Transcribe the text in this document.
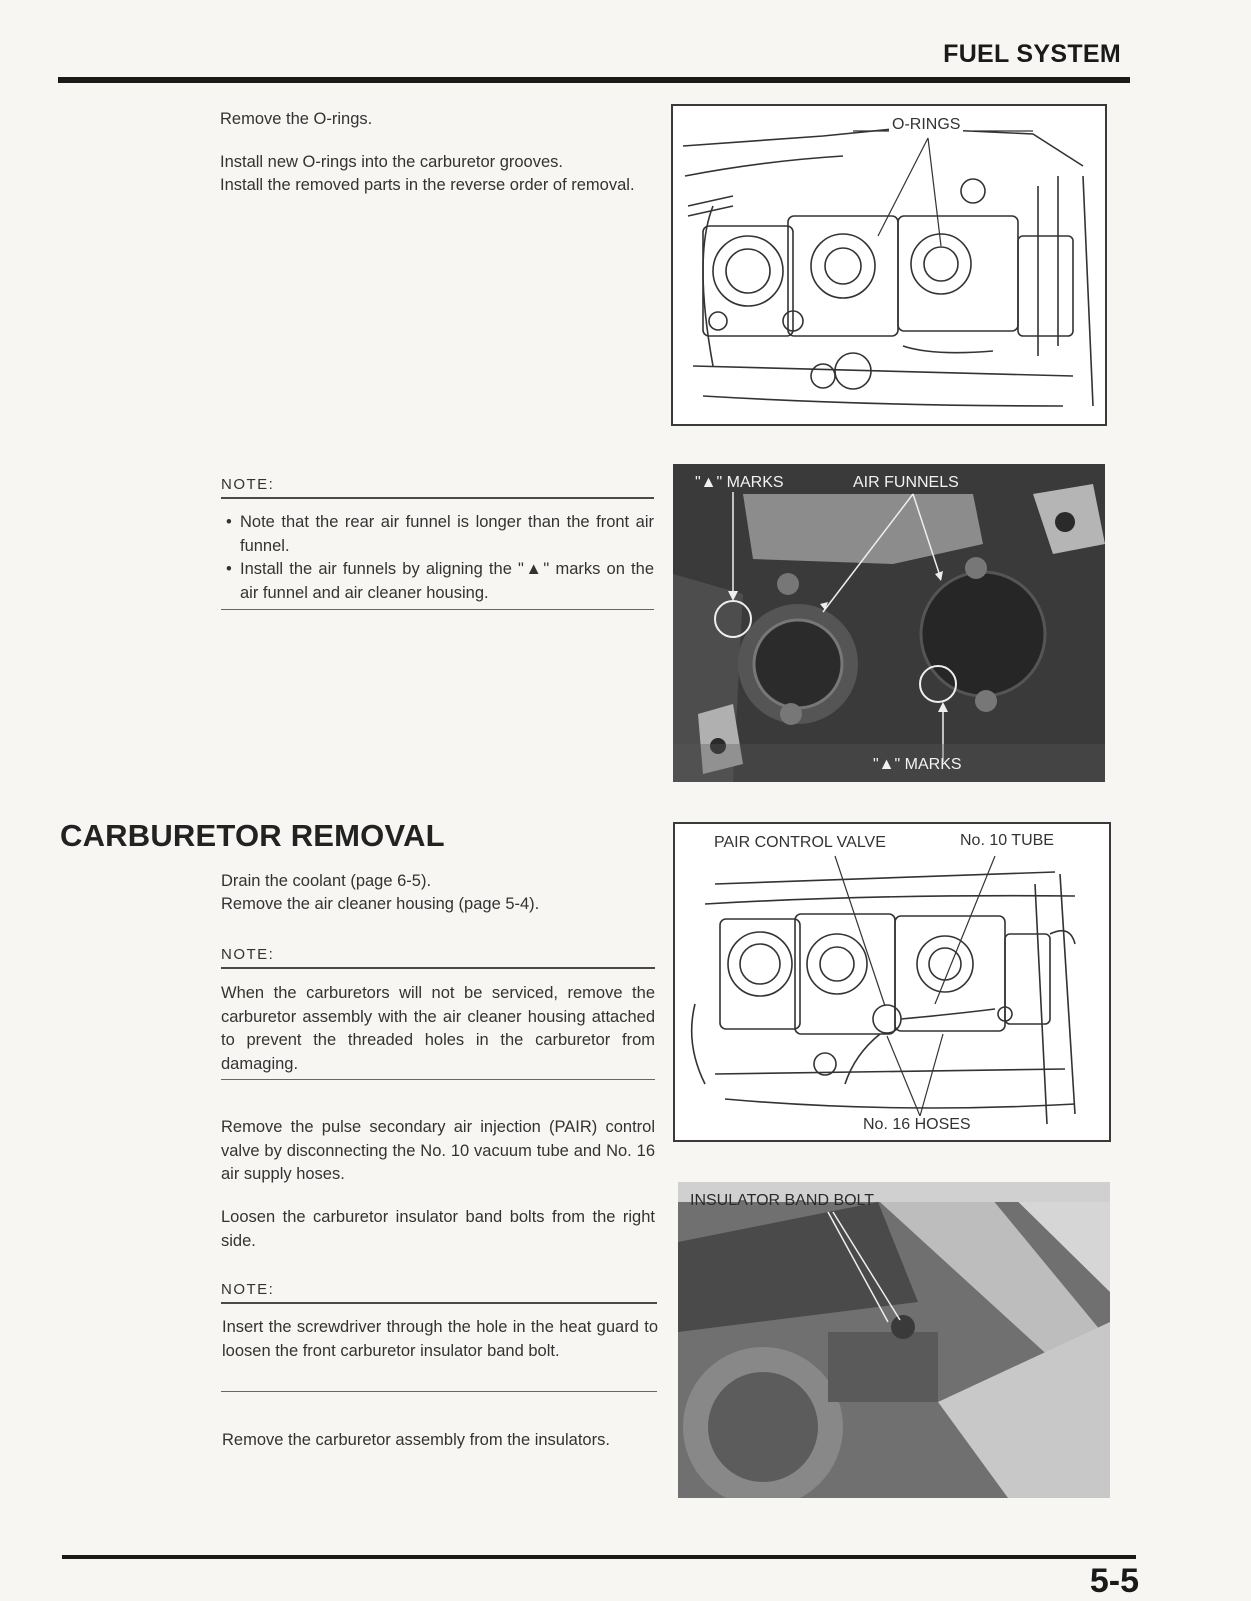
FUEL SYSTEM
Remove the O-rings.
Install new O-rings into the carburetor grooves.
Install the removed parts in the reverse order of removal.
O-RINGS
NOTE:
• Note that the rear air funnel is longer than the front air funnel.
• Install the air funnels by aligning the "▲" marks on the air funnel and air cleaner housing.
"▲" MARKS	AIR FUNNELS
"▲" MARKS
CARBURETOR REMOVAL
Drain the coolant (page 6-5).
Remove the air cleaner housing (page 5-4).
NOTE:
When the carburetors will not be serviced, remove the carburetor assembly with the air cleaner housing attached to prevent the threaded holes in the carburetor from damaging.
Remove the pulse secondary air injection (PAIR) control valve by disconnecting the No. 10 vacuum tube and No. 16 air supply hoses.
Loosen the carburetor insulator band bolts from the right side.
NOTE:
Insert the screwdriver through the hole in the heat guard to loosen the front carburetor insulator band bolt.
Remove the carburetor assembly from the insulators.
PAIR CONTROL VALVE	No. 10 TUBE
No. 16 HOSES
INSULATOR BAND BOLT
5-5
